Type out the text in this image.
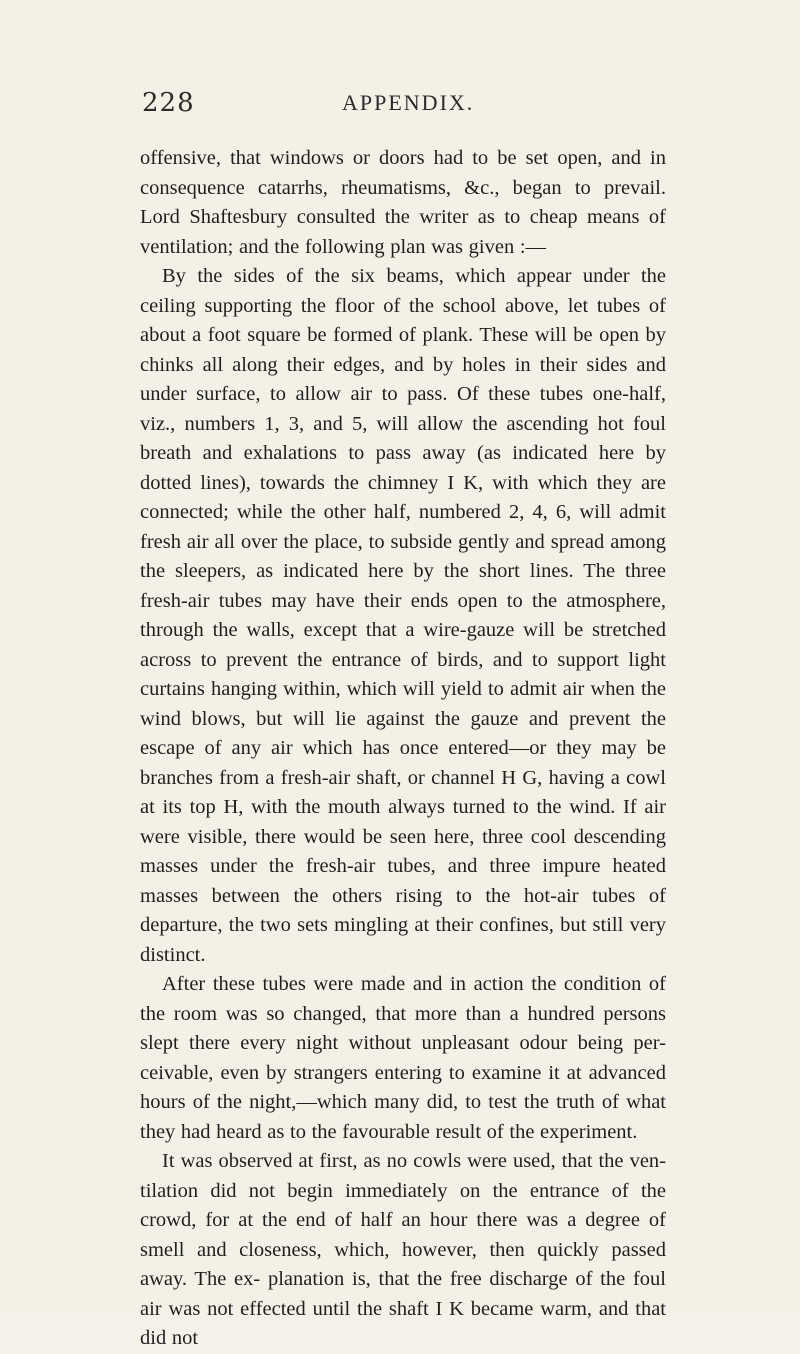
228	APPENDIX.

offensive, that windows or doors had to be set open, and in consequence catarrhs, rheumatisms, &c., began to prevail. Lord Shaftesbury consulted the writer as to cheap means of ventilation; and the following plan was given :—

By the sides of the six beams, which appear under the ceiling supporting the floor of the school above, let tubes of about a foot square be formed of plank. These will be open by chinks all along their edges, and by holes in their sides and under surface, to allow air to pass. Of these tubes one-half, viz., numbers 1, 3, and 5, will allow the ascending hot foul breath and exhalations to pass away (as indicated here by dotted lines), towards the chimney I K, with which they are connected; while the other half, numbered 2, 4, 6, will admit fresh air all over the place, to subside gently and spread among the sleepers, as indicated here by the short lines. The three fresh-air tubes may have their ends open to the atmosphere, through the walls, except that a wire-gauze will be stretched across to prevent the entrance of birds, and to support light curtains hanging within, which will yield to admit air when the wind blows, but will lie against the gauze and prevent the escape of any air which has once entered—or they may be branches from a fresh-air shaft, or channel H G, having a cowl at its top H, with the mouth always turned to the wind. If air were visible, there would be seen here, three cool descending masses under the fresh-air tubes, and three impure heated masses between the others rising to the hot-air tubes of departure, the two sets mingling at their confines, but still very distinct.

After these tubes were made and in action the condition of the room was so changed, that more than a hundred persons slept there every night without unpleasant odour being per- ceivable, even by strangers entering to examine it at advanced hours of the night,—which many did, to test the truth of what they had heard as to the favourable result of the experiment.

It was observed at first, as no cowls were used, that the ven- tilation did not begin immediately on the entrance of the crowd, for at the end of half an hour there was a degree of smell and closeness, which, however, then quickly passed away. The ex- planation is, that the free discharge of the foul air was not effected until the shaft I K became warm, and that did not
